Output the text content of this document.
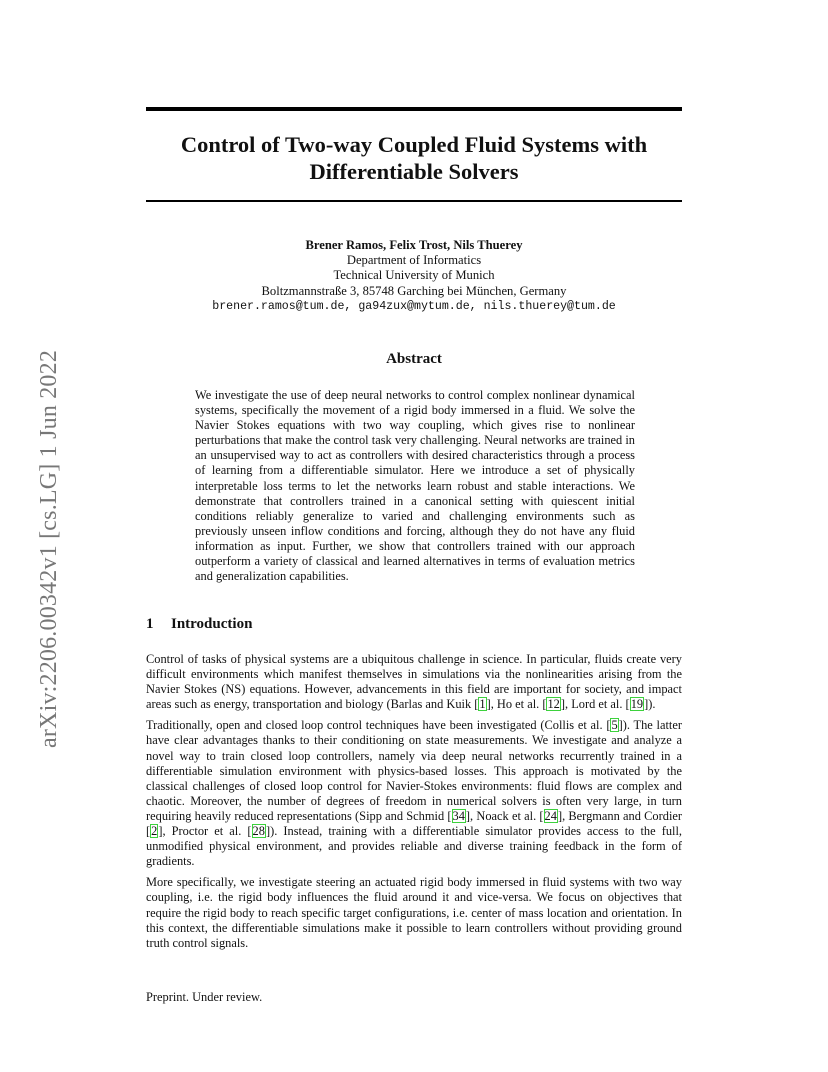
arXiv:2206.00342v1 [cs.LG] 1 Jun 2022
Control of Two-way Coupled Fluid Systems with
Differentiable Solvers
Brener Ramos, Felix Trost, Nils Thuerey
Department of Informatics
Technical University of Munich
Boltzmannstraße 3, 85748 Garching bei München, Germany
brener.ramos@tum.de, ga94zux@mytum.de, nils.thuerey@tum.de
Abstract
We investigate the use of deep neural networks to control complex nonlinear dynamical systems, specifically the movement of a rigid body immersed in a fluid. We solve the Navier Stokes equations with two way coupling, which gives rise to nonlinear perturbations that make the control task very challenging. Neural networks are trained in an unsupervised way to act as controllers with desired characteristics through a process of learning from a differentiable simulator. Here we introduce a set of physically interpretable loss terms to let the networks learn robust and stable interactions. We demonstrate that controllers trained in a canonical setting with quiescent initial conditions reliably generalize to varied and challenging environments such as previously unseen inflow conditions and forcing, although they do not have any fluid information as input. Further, we show that controllers trained with our approach outperform a variety of classical and learned alternatives in terms of evaluation metrics and generalization capabilities.
1 Introduction

Control of tasks of physical systems are a ubiquitous challenge in science. In particular, fluids create very difficult environments which manifest themselves in simulations via the nonlinearities arising from the Navier Stokes (NS) equations. However, advancements in this field are important for society, and impact areas such as energy, transportation and biology (Barlas and Kuik [1], Ho et al. [12], Lord et al. [19]).

Traditionally, open and closed loop control techniques have been investigated (Collis et al. [5]). The latter have clear advantages thanks to their conditioning on state measurements. We investigate and analyze a novel way to train closed loop controllers, namely via deep neural networks recurrently trained in a differentiable simulation environment with physics-based losses. This approach is motivated by the classical challenges of closed loop control for Navier-Stokes environments: fluid flows are complex and chaotic. Moreover, the number of degrees of freedom in numerical solvers is often very large, in turn requiring heavily reduced representations (Sipp and Schmid [34], Noack et al. [24], Bergmann and Cordier [2], Proctor et al. [28]). Instead, training with a differentiable simulator provides access to the full, unmodified physical environment, and provides reliable and diverse training feedback in the form of gradients.

More specifically, we investigate steering an actuated rigid body immersed in fluid systems with two way coupling, i.e. the rigid body influences the fluid around it and vice-versa. We focus on objectives that require the rigid body to reach specific target configurations, i.e. center of mass location and orientation. In this context, the differentiable simulations make it possible to learn controllers without providing ground truth control signals.

Preprint. Under review.
